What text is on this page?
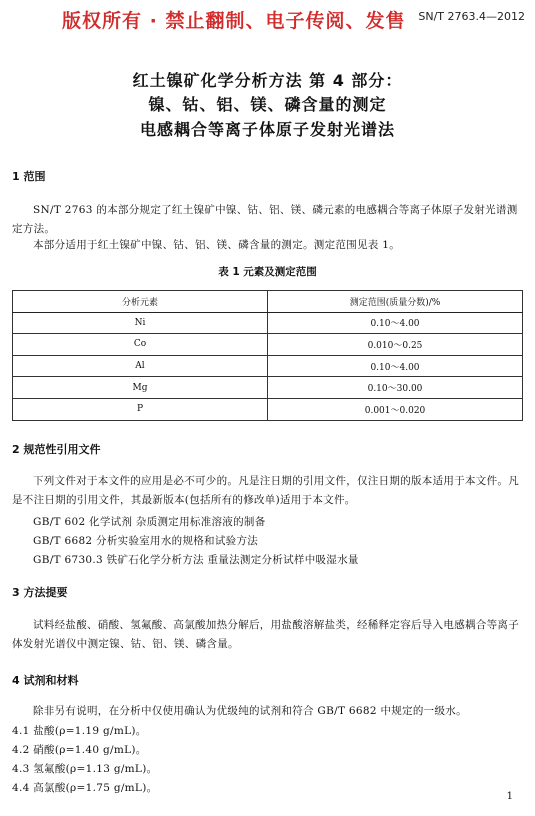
版权所有 · 禁止翻制、电子传阅、发售 SN/T 2763.4—2012
红土镍矿化学分析方法 第 4 部分：
镍、钴、铝、镁、磷含量的测定
电感耦合等离子体原子发射光谱法
1 范围
SN/T 2763 的本部分规定了红土镍矿中镍、钴、铝、镁、磷元素的电感耦合等离子体原子发射光谱测定方法。
本部分适用于红土镍矿中镍、钴、铝、镁、磷含量的测定。测定范围见表 1。
表 1 元素及测定范围
分析元素	测定范围(质量分数)/%
Ni	0.10～4.00
Co	0.010～0.25
Al	0.10～4.00
Mg	0.10～30.00
P	0.001～0.020
2 规范性引用文件
下列文件对于本文件的应用是必不可少的。凡是注日期的引用文件，仅注日期的版本适用于本文件。凡是不注日期的引用文件，其最新版本(包括所有的修改单)适用于本文件。
GB/T 602 化学试剂 杂质测定用标准溶液的制备
GB/T 6682 分析实验室用水的规格和试验方法
GB/T 6730.3 铁矿石化学分析方法 重量法测定分析试样中吸湿水量
3 方法提要
试料经盐酸、硝酸、氢氟酸、高氯酸加热分解后，用盐酸溶解盐类，经稀释定容后导入电感耦合等离子体发射光谱仪中测定镍、钴、铝、镁、磷含量。
4 试剂和材料
除非另有说明，在分析中仅使用确认为优级纯的试剂和符合 GB/T 6682 中规定的一级水。
4.1 盐酸(ρ=1.19 g/mL)。
4.2 硝酸(ρ=1.40 g/mL)。
4.3 氢氟酸(ρ=1.13 g/mL)。
4.4 高氯酸(ρ=1.75 g/mL)。
1
